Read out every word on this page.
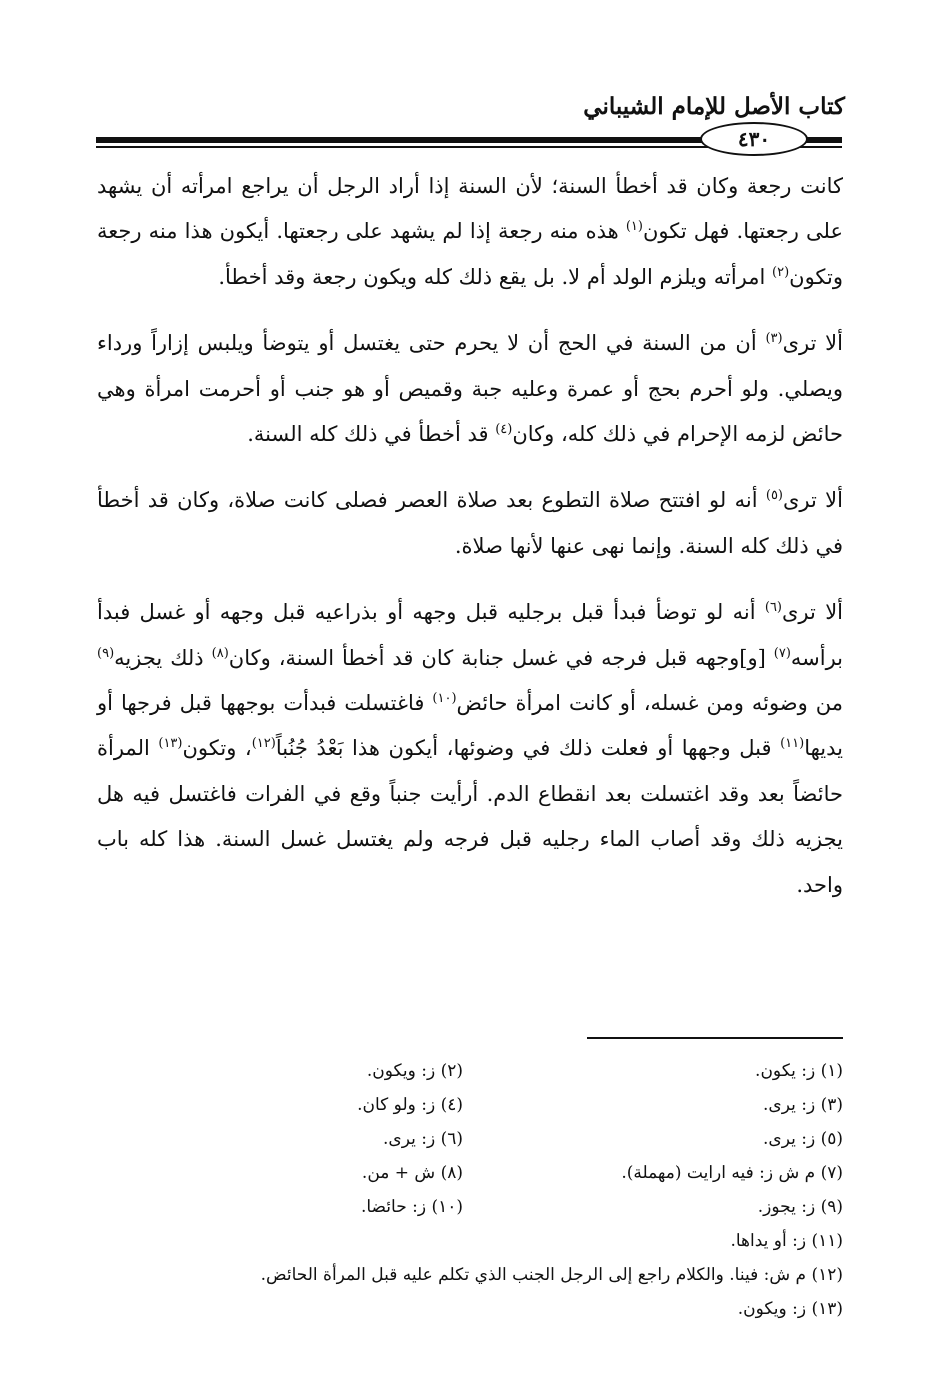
كتاب الأصل للإمام الشيباني
٤٣٠

كانت رجعة وكان قد أخطأ السنة؛ لأن السنة إذا أراد الرجل أن يراجع امرأته أن يشهد على رجعتها. فهل تكون$^{(١)}$ هذه منه رجعة إذا لم يشهد على رجعتها. أيكون هذا منه رجعة وتكون$^{(٢)}$ امرأته ويلزم الولد أم لا. بل يقع ذلك كله ويكون رجعة وقد أخطأ.

ألا ترى$^{(٣)}$ أن من السنة في الحج أن لا يحرم حتى يغتسل أو يتوضأ ويلبس إزاراً ورداء ويصلي. ولو أحرم بحج أو عمرة وعليه جبة وقميص أو هو جنب أو أحرمت امرأة وهي حائض لزمه الإحرام في ذلك كله، وكان$^{(٤)}$ قد أخطأ في ذلك كله السنة.

ألا ترى$^{(٥)}$ أنه لو افتتح صلاة التطوع بعد صلاة العصر فصلى كانت صلاة، وكان قد أخطأ في ذلك كله السنة. وإنما نهى عنها لأنها صلاة.

ألا ترى$^{(٦)}$ أنه لو توضأ فبدأ قبل برجليه قبل وجهه أو بذراعيه قبل وجهه أو غسل فبدأ برأسه$^{(٧)}$ [و]وجهه قبل فرجه في غسل جنابة كان قد أخطأ السنة، وكان$^{(٨)}$ ذلك يجزيه$^{(٩)}$ من وضوئه ومن غسله، أو كانت امرأة حائض$^{(١٠)}$ فاغتسلت فبدأت بوجهها قبل فرجها أو يديها$^{(١١)}$ قبل وجهها أو فعلت ذلك في وضوئها، أيكون هذا بَعْدُ جُنُباً$^{(١٢)}$، وتكون$^{(١٣)}$ المرأة حائضاً بعد وقد اغتسلت بعد انقطاع الدم. أرأيت جنباً وقع في الفرات فاغتسل فيه هل يجزيه ذلك وقد أصاب الماء رجليه قبل فرجه ولم يغتسل غسل السنة. هذا كله باب واحد.

(١) ز: يكون.
(٢) ز: ويكون.
(٣) ز: يرى.
(٤) ز: ولو كان.
(٥) ز: يرى.
(٦) ز: يرى.
(٧) م ش ز: فيه ارايت (مهملة).
(٨) ش + من.
(٩) ز: يجوز.
(١٠) ز: حائضا.
(١١) ز: أو يداها.
(١٢) م ش: فينا. والكلام راجع إلى الرجل الجنب الذي تكلم عليه قبل المرأة الحائض.
(١٣) ز: ويكون.
